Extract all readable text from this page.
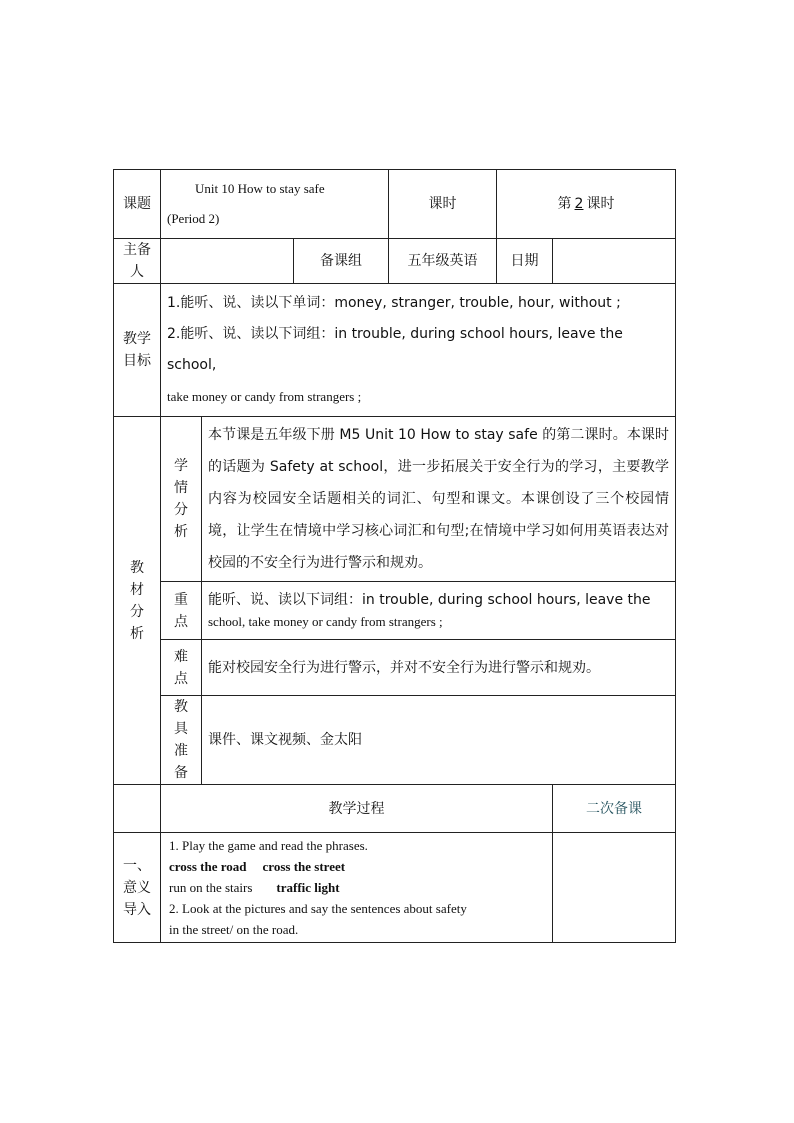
课题	Unit 10 How to stay safe
(Period 2)			课时	第 2 课时	

主备
人			备课组	五年级英语	日期	

教学
目标	1.能听、说、读以下单词：money, stranger, trouble, hour, without ;
2.能听、说、读以下词组：in trouble, during school hours, leave the school,
take money or candy from strangers ;					

教
材
分
析	学
情
分
析	本节课是五年级下册 M5 Unit 10 How to stay safe 的第二课时。本课时的话题为 Safety at school，进一步拓展关于安全行为的学习，主要教学内容为校园安全话题相关的词汇、句型和课文。本课创设了三个校园情境，让学生在情境中学习核心词汇和句型;在情境中学习如何用英语表达对校园的不安全行为进行警示和规劝。				

	重
点	能听、说、读以下词组：in trouble, during school hours, leave the
school, take money or candy from strangers ;				

	难
点	能对校园安全行为进行警示，并对不安全行为进行警示和规劝。				

	教
具
准
备	课件、课文视频、金太阳				
	教学过程					二次备课

一、
意义
导入	1. Play the game and read the phrases.
cross the road cross the street
run on the stairs traffic light
2. Look at the pictures and say the sentences about safety
in the street/ on the road.					
